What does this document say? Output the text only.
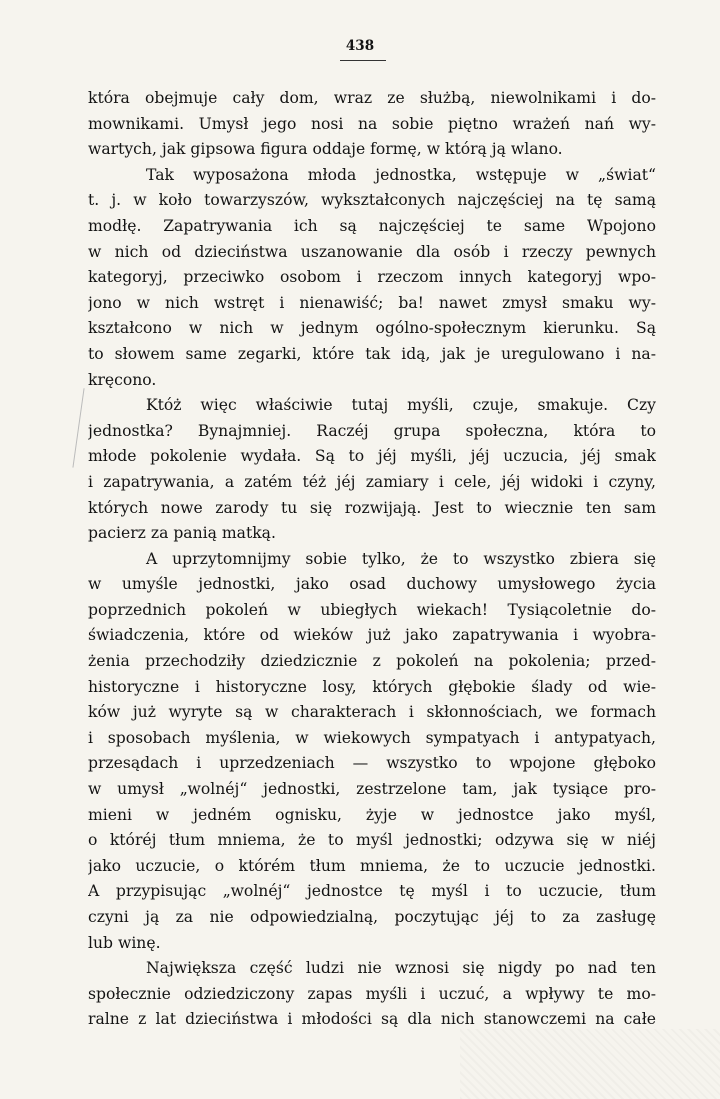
438
która obejmuje cały dom, wraz ze służbą, niewolnikami i do-
mownikami. Umysł jego nosi na sobie piętno wrażeń nań wy-
wartych, jak gipsowa figura oddaje formę, w którą ją wlano.
Tak wyposażona młoda jednostka, wstępuje w „świat“
t. j. w koło towarzyszów, wykształconych najczęściej na tę samą
modłę. Zapatrywania ich są najczęściej te same Wpojono
w nich od dzieciństwa uszanowanie dla osób i rzeczy pewnych
kategoryj, przeciwko osobom i rzeczom innych kategoryj wpo-
jono w nich wstręt i nienawiść; ba! nawet zmysł smaku wy-
kształcono w nich w jednym ogólno-społecznym kierunku. Są
to słowem same zegarki, które tak idą, jak je uregulowano i na-
kręcono.
Któż więc właściwie tutaj myśli, czuje, smakuje. Czy
jednostka? Bynajmniej. Raczéj grupa społeczna, która to
młode pokolenie wydała. Są to jéj myśli, jéj uczucia, jéj smak
i zapatrywania, a zatém téż jéj zamiary i cele, jéj widoki i czyny,
których nowe zarody tu się rozwijają. Jest to wiecznie ten sam
pacierz za panią matką.
A uprzytomnijmy sobie tylko, że to wszystko zbiera się
w umyśle jednostki, jako osad duchowy umysłowego życia
poprzednich pokoleń w ubiegłych wiekach! Tysiącoletnie do-
świadczenia, które od wieków już jako zapatrywania i wyobra-
żenia przechodziły dziedzicznie z pokoleń na pokolenia; przed-
historyczne i historyczne losy, których głębokie ślady od wie-
ków już wyryte są w charakterach i skłonnościach, we formach
i sposobach myślenia, w wiekowych sympatyach i antypatyach,
przesądach i uprzedzeniach — wszystko to wpojone głęboko
w umysł „wolnéj“ jednostki, zestrzelone tam, jak tysiące pro-
mieni w jedném ognisku, żyje w jednostce jako myśl,
o któréj tłum mniema, że to myśl jednostki; odzywa się w niéj
jako uczucie, o którém tłum mniema, że to uczucie jednostki.
A przypisując „wolnéj“ jednostce tę myśl i to uczucie, tłum
czyni ją za nie odpowiedzialną, poczytując jéj to za zasługę
lub winę.
Największa część ludzi nie wznosi się nigdy po nad ten
społecznie odziedziczony zapas myśli i uczuć, a wpływy te mo-
ralne z lat dzieciństwa i młodości są dla nich stanowczemi na całe
